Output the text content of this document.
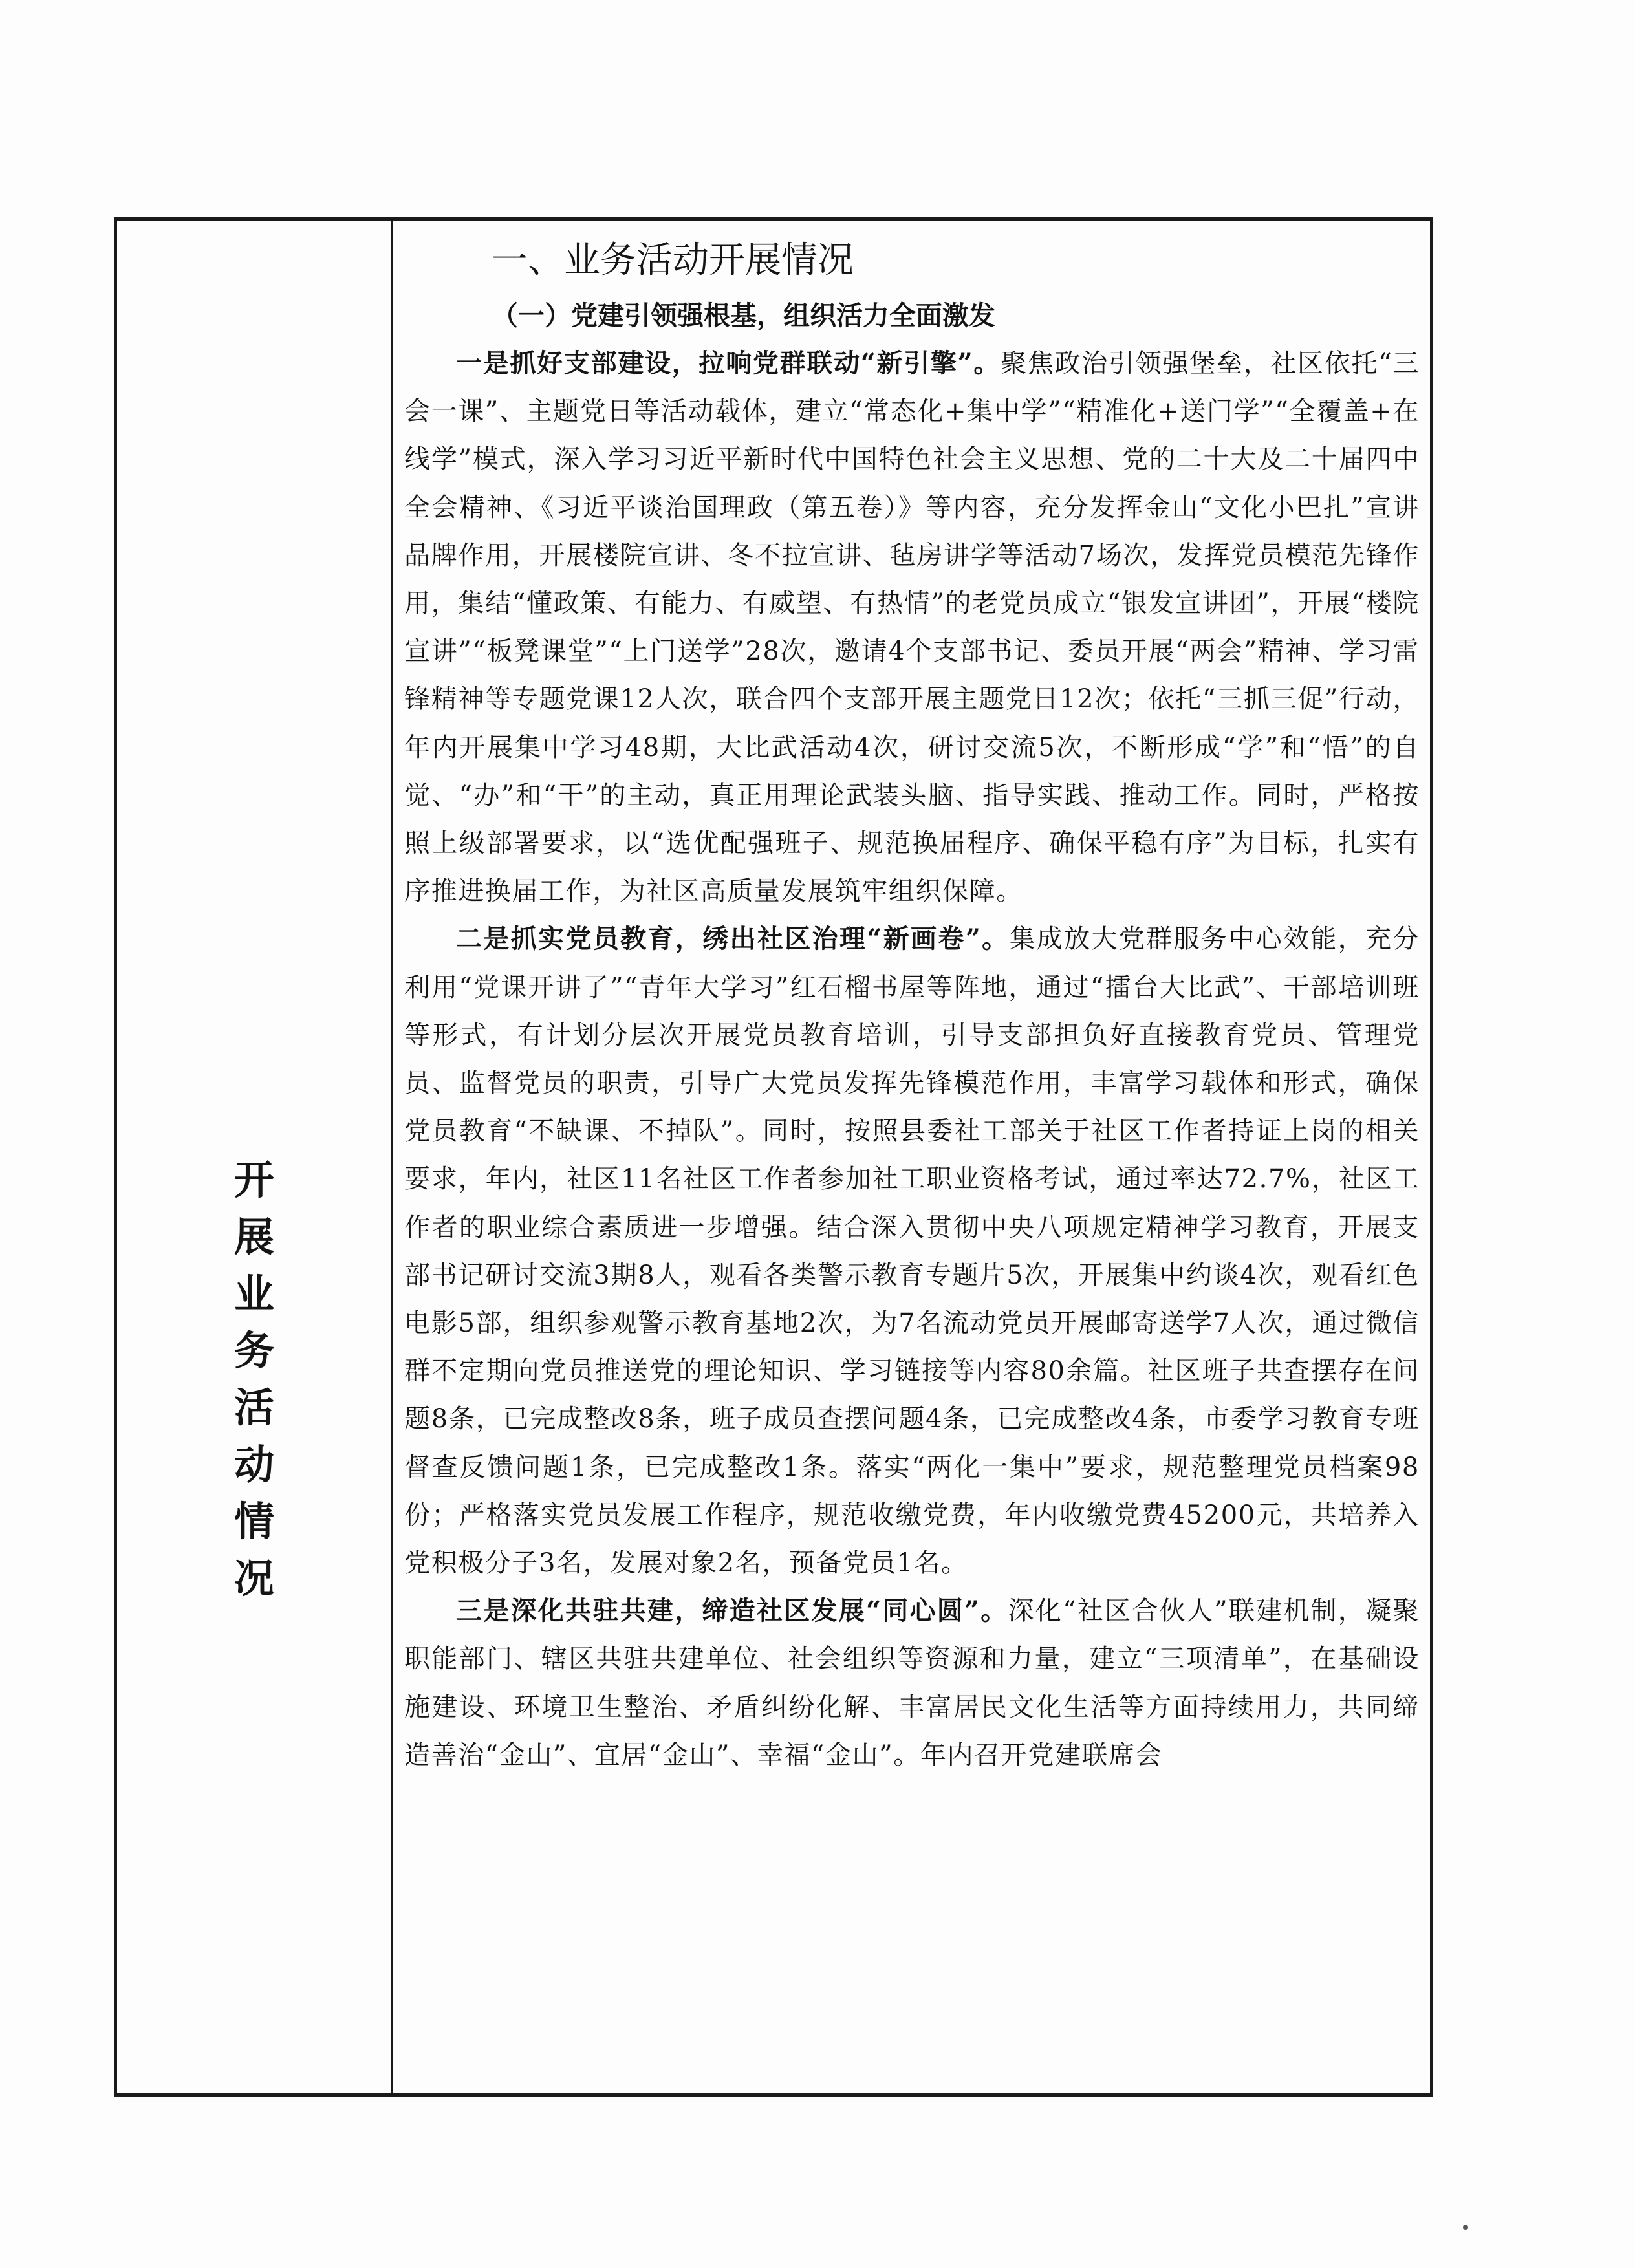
开
展
业
务
活
动
情
况
一、业务活动开展情况
（一）党建引领强根基，组织活力全面激发

一是抓好支部建设，拉响党群联动“新引擎”。聚焦政治引领强堡垒，社区依托“三会一课”、主题党日等活动载体，建立“常态化+集中学”“精准化+送门学”“全覆盖+在线学”模式，深入学习习近平新时代中国特色社会主义思想、党的二十大及二十届四中全会精神、《习近平谈治国理政（第五卷）》等内容，充分发挥金山“文化小巴扎”宣讲品牌作用，开展楼院宣讲、冬不拉宣讲、毡房讲学等活动7场次，发挥党员模范先锋作用，集结“懂政策、有能力、有威望、有热情”的老党员成立“银发宣讲团”，开展“楼院宣讲”“板凳课堂”“上门送学”28次，邀请4个支部书记、委员开展“两会”精神、学习雷锋精神等专题党课12人次，联合四个支部开展主题党日12次；依托“三抓三促”行动，年内开展集中学习48期，大比武活动4次，研讨交流5次，不断形成“学”和“悟”的自觉、“办”和“干”的主动，真正用理论武装头脑、指导实践、推动工作。同时，严格按照上级部署要求，以“选优配强班子、规范换届程序、确保平稳有序”为目标，扎实有序推进换届工作，为社区高质量发展筑牢组织保障。

二是抓实党员教育，绣出社区治理“新画卷”。集成放大党群服务中心效能，充分利用“党课开讲了”“青年大学习”红石榴书屋等阵地，通过“擂台大比武”、干部培训班等形式，有计划分层次开展党员教育培训，引导支部担负好直接教育党员、管理党员、监督党员的职责，引导广大党员发挥先锋模范作用，丰富学习载体和形式，确保党员教育“不缺课、不掉队”。同时，按照县委社工部关于社区工作者持证上岗的相关要求，年内，社区11名社区工作者参加社工职业资格考试，通过率达72.7%，社区工作者的职业综合素质进一步增强。结合深入贯彻中央八项规定精神学习教育，开展支部书记研讨交流3期8人，观看各类警示教育专题片5次，开展集中约谈4次，观看红色电影5部，组织参观警示教育基地2次，为7名流动党员开展邮寄送学7人次，通过微信群不定期向党员推送党的理论知识、学习链接等内容80余篇。社区班子共查摆存在问题8条，已完成整改8条，班子成员查摆问题4条，已完成整改4条，市委学习教育专班督查反馈问题1条，已完成整改1条。落实“两化一集中”要求，规范整理党员档案98份；严格落实党员发展工作程序，规范收缴党费，年内收缴党费45200元，共培养入党积极分子3名，发展对象2名，预备党员1名。

三是深化共驻共建，缔造社区发展“同心圆”。深化“社区合伙人”联建机制，凝聚职能部门、辖区共驻共建单位、社会组织等资源和力量，建立“三项清单”，在基础设施建设、环境卫生整治、矛盾纠纷化解、丰富居民文化生活等方面持续用力，共同缔造善治“金山”、宜居“金山”、幸福“金山”。年内召开党建联席会
